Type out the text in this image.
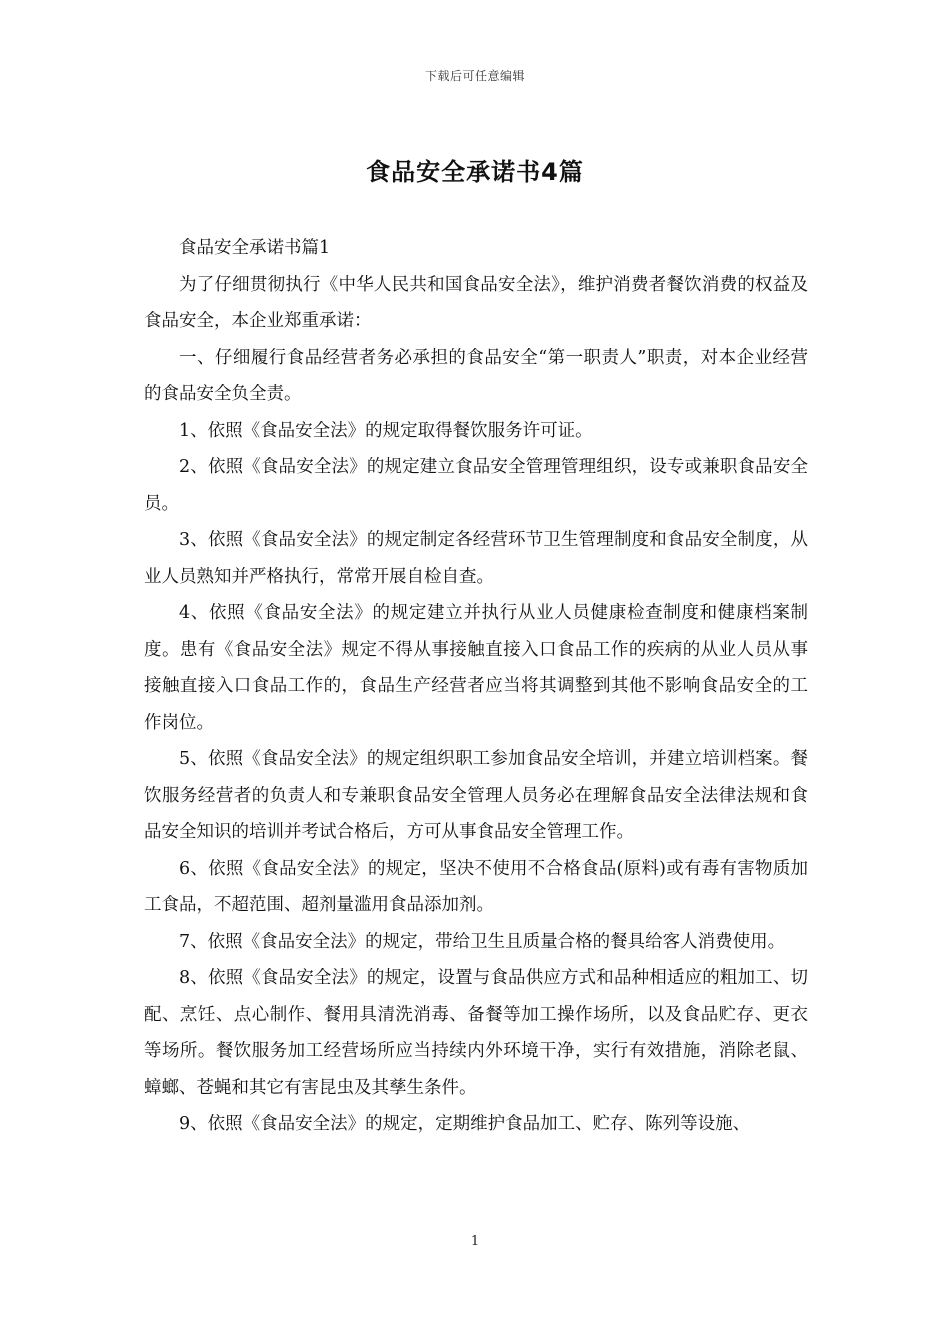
下载后可任意编辑
食品安全承诺书4篇

食品安全承诺书篇1

为了仔细贯彻执行《中华人民共和国食品安全法》，维护消费者餐饮消费的权益及食品安全，本企业郑重承诺：

一、仔细履行食品经营者务必承担的食品安全“第一职责人”职责，对本企业经营的食品安全负全责。

1、依照《食品安全法》的规定取得餐饮服务许可证。

2、依照《食品安全法》的规定建立食品安全管理管理组织，设专或兼职食品安全员。

3、依照《食品安全法》的规定制定各经营环节卫生管理制度和食品安全制度，从业人员熟知并严格执行，常常开展自检自查。

4、依照《食品安全法》的规定建立并执行从业人员健康检查制度和健康档案制度。患有《食品安全法》规定不得从事接触直接入口食品工作的疾病的从业人员从事接触直接入口食品工作的，食品生产经营者应当将其调整到其他不影响食品安全的工作岗位。

5、依照《食品安全法》的规定组织职工参加食品安全培训，并建立培训档案。餐饮服务经营者的负责人和专兼职食品安全管理人员务必在理解食品安全法律法规和食品安全知识的培训并考试合格后，方可从事食品安全管理工作。

6、依照《食品安全法》的规定，坚决不使用不合格食品(原料)或有毒有害物质加工食品，不超范围、超剂量滥用食品添加剂。

7、依照《食品安全法》的规定，带给卫生且质量合格的餐具给客人消费使用。

8、依照《食品安全法》的规定，设置与食品供应方式和品种相适应的粗加工、切配、烹饪、点心制作、餐用具清洗消毒、备餐等加工操作场所，以及食品贮存、更衣等场所。餐饮服务加工经营场所应当持续内外环境干净，实行有效措施，消除老鼠、蟑螂、苍蝇和其它有害昆虫及其孳生条件。

9、依照《食品安全法》的规定，定期维护食品加工、贮存、陈列等设施、

1
